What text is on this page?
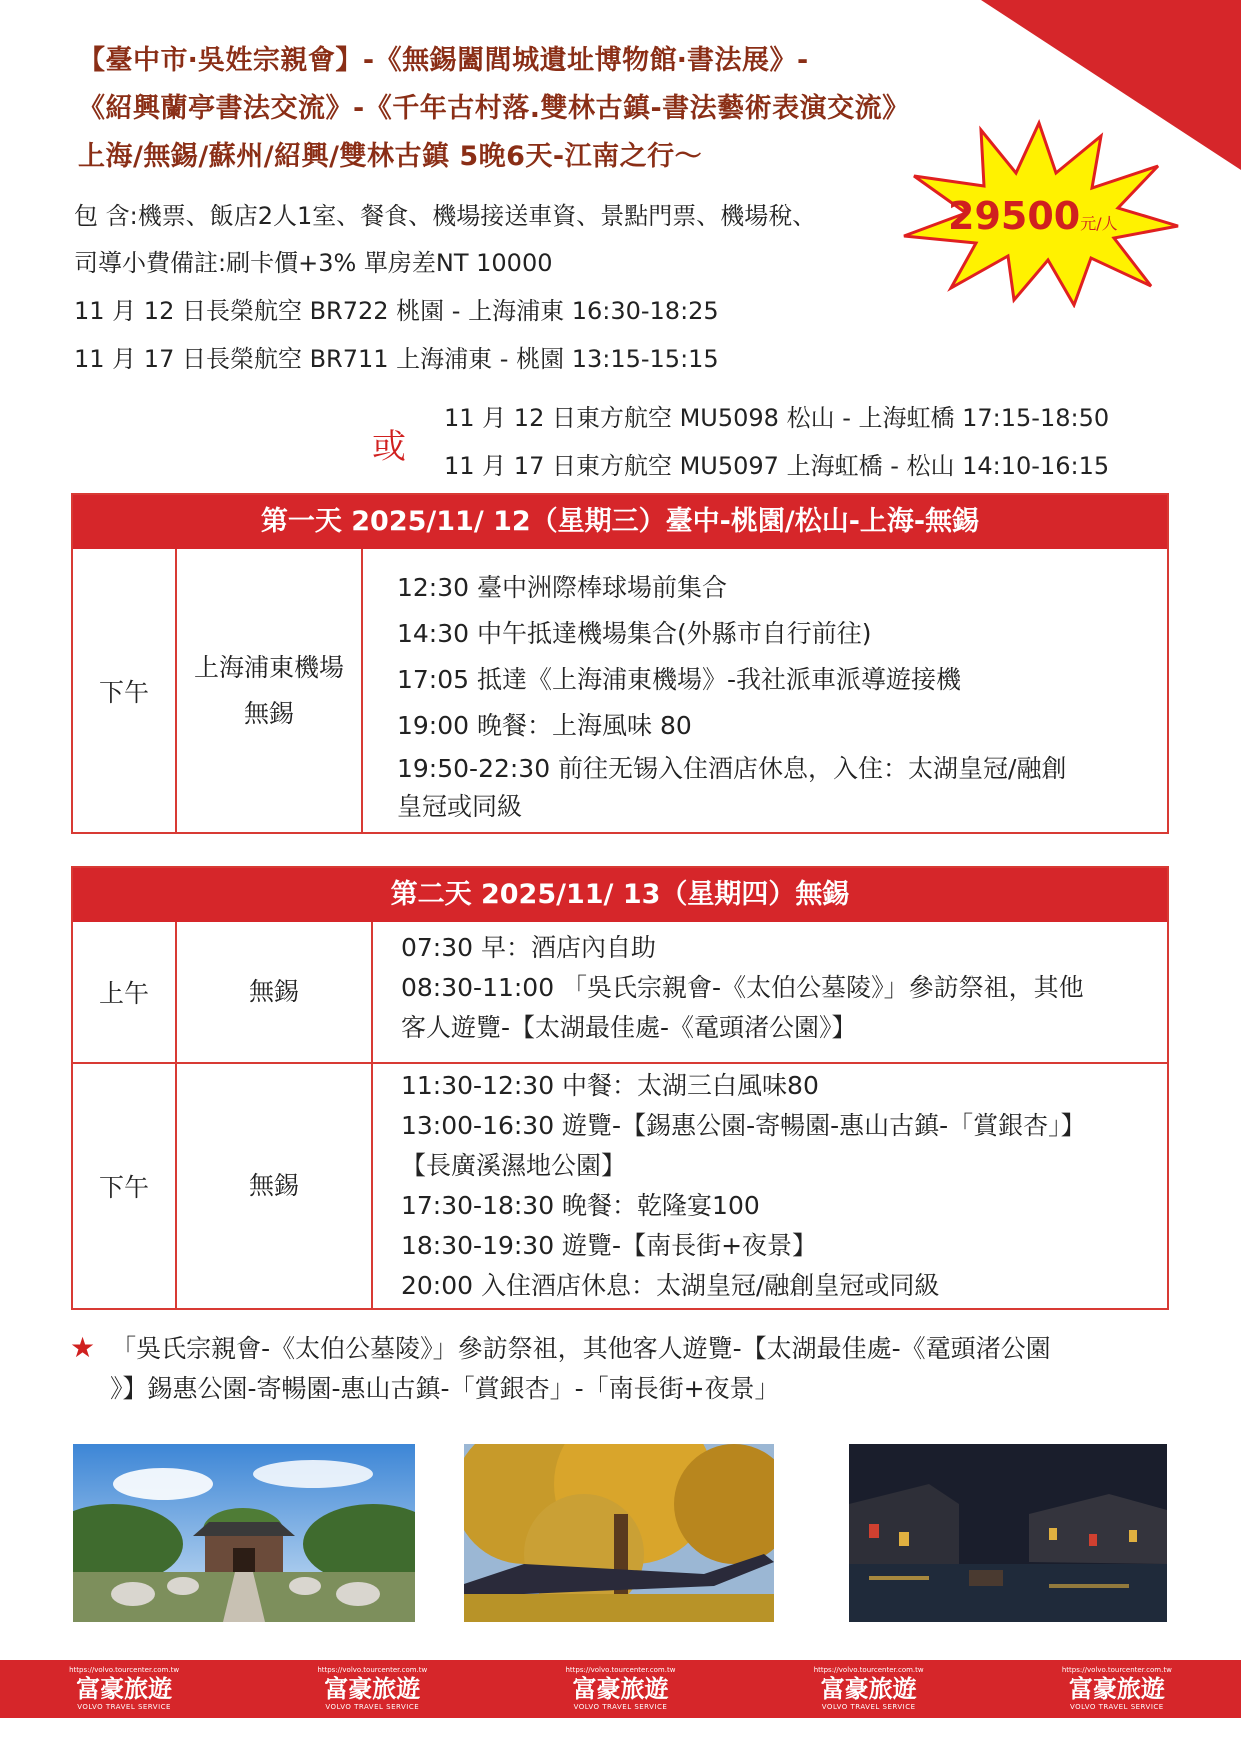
【臺中市‧吳姓宗親會】-《無錫闔閭城遺址博物館‧書法展》-
《紹興蘭亭書法交流》-《千年古村落.雙林古鎮-書法藝術表演交流》
上海/無錫/蘇州/紹興/雙林古鎮 5晚6天-江南之行～
包 含:機票、飯店2人1室、餐食、機場接送車資、景點門票、機場稅、
司導小費備註:刷卡價+3% 單房差NT 10000
11 月 12 日長榮航空 BR722 桃園 - 上海浦東 16:30-18:25
11 月 17 日長榮航空 BR711 上海浦東 - 桃園 13:15-15:15
29500元/人
或
11 月 12 日東方航空 MU5098 松山 - 上海虹橋 17:15-18:50
11 月 17 日東方航空 MU5097 上海虹橋 - 松山 14:10-16:15
第一天 2025/11/ 12（星期三）臺中-桃園/松山-上海-無錫
下午
上海浦東機場
無錫
12:30 臺中洲際棒球場前集合
14:30 中午抵達機場集合(外縣市自行前往)
17:05 抵達《上海浦東機場》-我社派車派導遊接機
19:00 晚餐：上海風味 80
19:50-22:30 前往无锡入住酒店休息，入住：太湖皇冠/融創
皇冠或同級
第二天 2025/11/ 13（星期四）無錫
上午	無錫
07:30 早：酒店內自助
08:30-11:00 「吳氏宗親會-《太伯公墓陵》」參訪祭祖，其他
客人遊覽-【太湖最佳處-《鼋頭渚公園》】
下午	無錫
11:30-12:30 中餐：太湖三白風味80
13:00-16:30 遊覽-【錫惠公園-寄暢園-惠山古鎮-「賞銀杏」】
【長廣溪濕地公園】
17:30-18:30 晚餐：乾隆宴100
18:30-19:30 遊覽-【南長街+夜景】
20:00 入住酒店休息：太湖皇冠/融創皇冠或同級
★ 「吳氏宗親會-《太伯公墓陵》」參訪祭祖，其他客人遊覽-【太湖最佳處-《鼋頭渚公園
》】錫惠公園-寄暢園-惠山古鎮-「賞銀杏」-「南長街+夜景」
https://volvo.tourcenter.com.tw
富豪旅遊
VOLVO TRAVEL SERVICE
https://volvo.tourcenter.com.tw
富豪旅遊
VOLVO TRAVEL SERVICE
https://volvo.tourcenter.com.tw
富豪旅遊
VOLVO TRAVEL SERVICE
https://volvo.tourcenter.com.tw
富豪旅遊
VOLVO TRAVEL SERVICE
https://volvo.tourcenter.com.tw
富豪旅遊
VOLVO TRAVEL SERVICE
